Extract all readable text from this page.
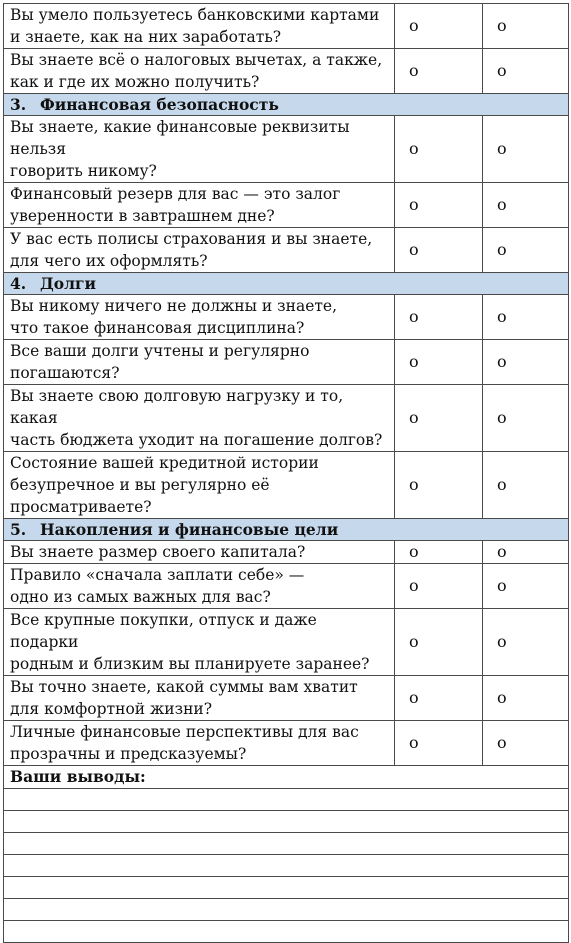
Вы умело пользуетесь банковскими картами
и знаете, как на них заработать?	o	o
Вы знаете всё о налоговых вычетах, а также,
как и где их можно получить?	o	o
3. Финансовая безопасность		
Вы знаете, какие финансовые реквизиты нельзя
говорить никому?	o	o
Финансовый резерв для вас — это залог
уверенности в завтрашнем дне?	o	o
У вас есть полисы страхования и вы знаете,
для чего их оформлять?	o	o
4. Долги		
Вы никому ничего не должны и знаете,
что такое финансовая дисциплина?	o	o
Все ваши долги учтены и регулярно
погашаются?	o	o
Вы знаете свою долговую нагрузку и то, какая
часть бюджета уходит на погашение долгов?	o	o
Состояние вашей кредитной истории
безупречное и вы регулярно её просматриваете?	o	o
5. Накопления и финансовые цели		
Вы знаете размер своего капитала?	o	o
Правило «сначала заплати себе» —
одно из самых важных для вас?	o	o
Все крупные покупки, отпуск и даже подарки
родным и близким вы планируете заранее?	o	o
Вы точно знаете, какой суммы вам хватит
для комфортной жизни?	o	o
Личные финансовые перспективы для вас
прозрачны и предсказуемы?	o	o
Ваши выводы:		
